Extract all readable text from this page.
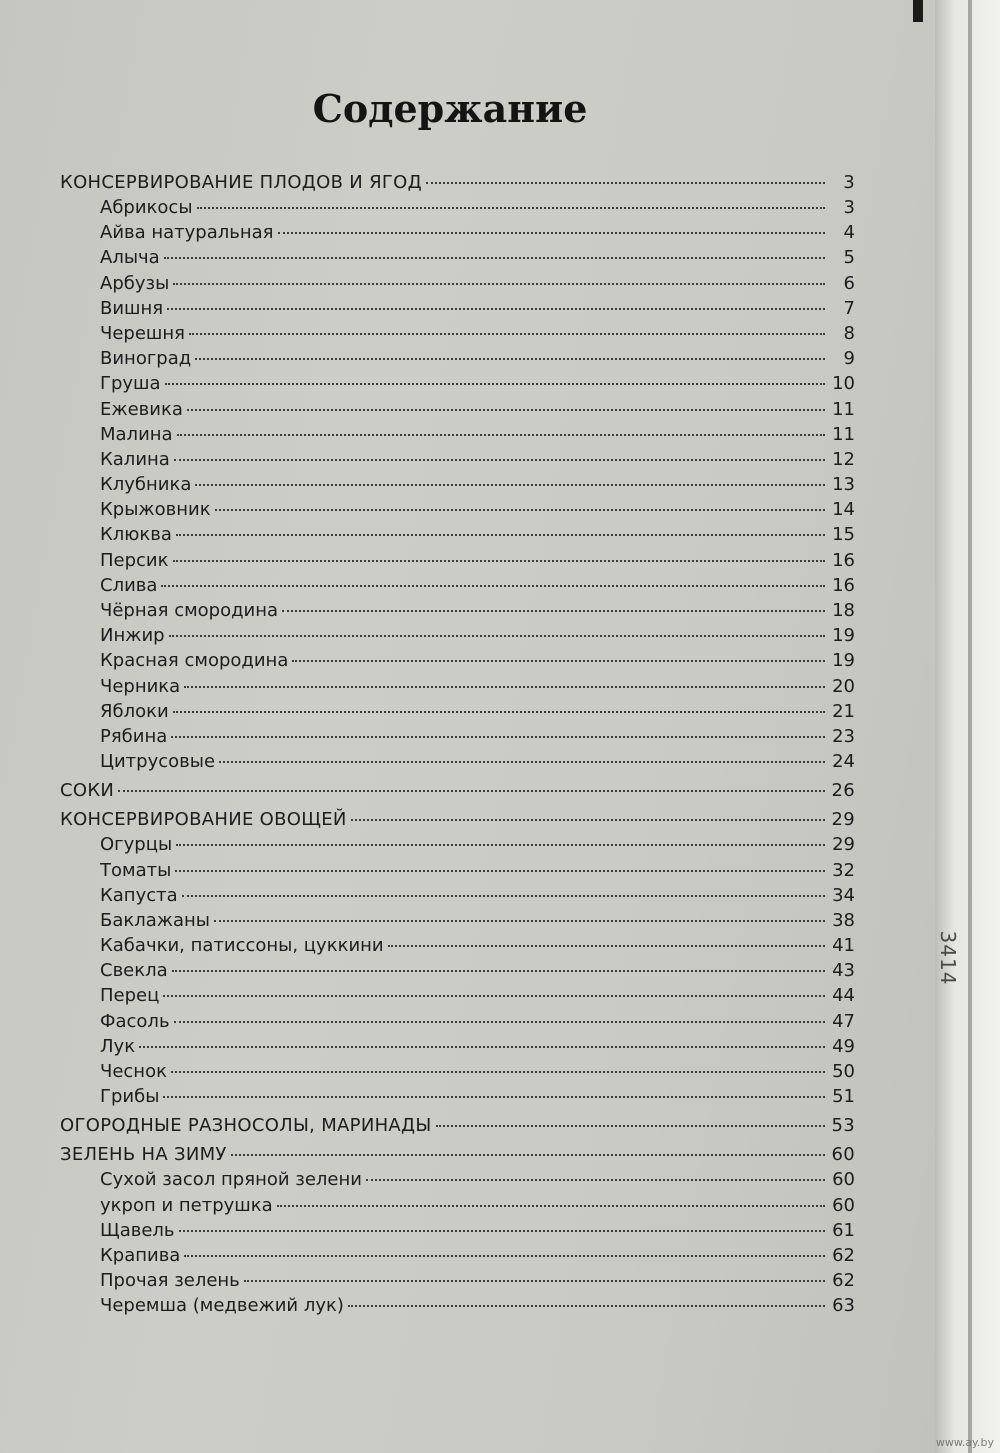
Содержание
КОНСЕРВИРОВАНИЕ ПЛОДОВ И ЯГОД	3
Абрикосы	3
Айва натуральная	4
Алыча	5
Арбузы	6
Вишня	7
Черешня	8
Виноград	9
Груша	10
Ежевика	11
Малина	11
Калина	12
Клубника	13
Крыжовник	14
Клюква	15
Персик	16
Слива	16
Чёрная смородина	18
Инжир	19
Красная смородина	19
Черника	20
Яблоки	21
Рябина	23
Цитрусовые	24
СОКИ	26
КОНСЕРВИРОВАНИЕ ОВОЩЕЙ	29
Огурцы	29
Томаты	32
Капуста	34
Баклажаны	38
Кабачки, патиссоны, цуккини	41
Свекла	43
Перец	44
Фасоль	47
Лук	49
Чеснок	50
Грибы	51
ОГОРОДНЫЕ РАЗНОСОЛЫ, МАРИНАДЫ	53
ЗЕЛЕНЬ НА ЗИМУ	60
Сухой засол пряной зелени	60
укроп и петрушка	60
Щавель	61
Крапива	62
Прочая зелень	62
Черемша (медвежий лук)	63
3414
www.ay.by
